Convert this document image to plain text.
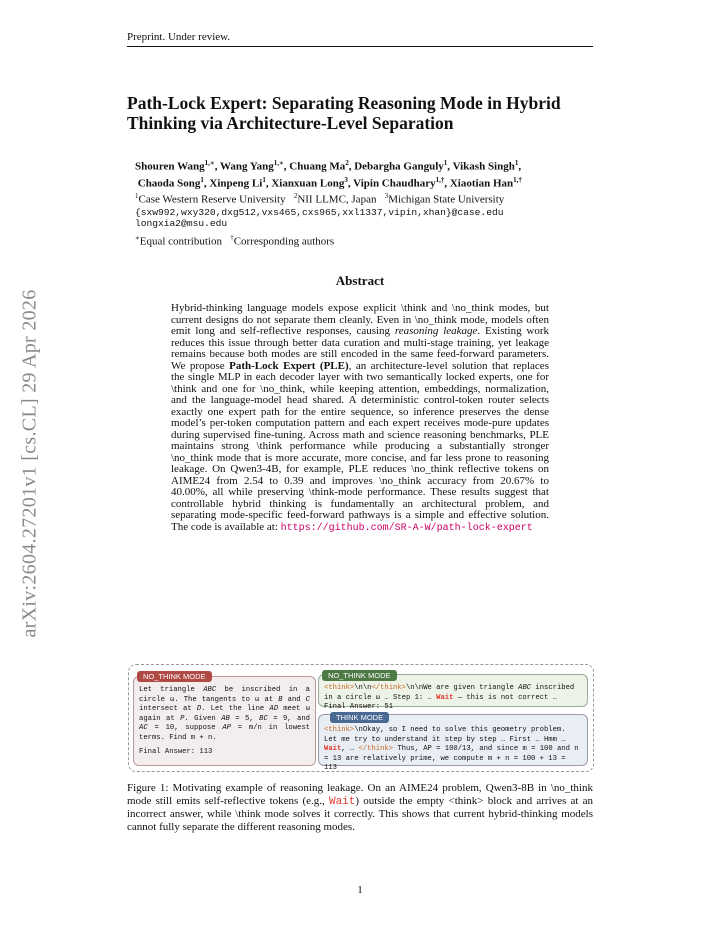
Preprint. Under review.
arXiv:2604.27201v1 [cs.CL] 29 Apr 2026
Path-Lock Expert: Separating Reasoning Mode in Hybrid
Thinking via Architecture-Level Separation
Shouren Wang$^{1,∗}$, Wang Yang$^{1,∗}$, Chuang Ma$^2$, Debargha Ganguly$^1$, Vikash Singh$^1$,
Chaoda Song$^1$, Xinpeng Li$^1$, Xianxuan Long$^3$, Vipin Chaudhary$^{1,\dagger}$, Xiaotian Han$^{1,\dagger}$
$^1$Case Western Reserve University $^2$NII LLMC, Japan $^3$Michigan State University
{sxw992,wxy320,dxg512,vxs465,cxs965,xxl1337,vipin,xhan}@case.edu
longxia2@msu.edu
∗Equal contribution †Corresponding authors
Abstract
Hybrid-thinking language models expose explicit \think and \no_think modes, but current designs do not separate them cleanly. Even in \no_think mode, models often emit long and self-reflective responses, causing reasoning leakage. Existing work reduces this issue through better data curation and multi-stage training, yet leakage remains because both modes are still encoded in the same feed-forward parameters. We propose Path-Lock Expert (PLE), an architecture-level solution that replaces the single MLP in each decoder layer with two semantically locked experts, one for \think and one for \no_think, while keeping attention, embeddings, normalization, and the language-model head shared. A deterministic control-token router selects exactly one expert path for the entire sequence, so inference preserves the dense model’s per-token computation pattern and each expert receives mode-pure updates during supervised fine-tuning. Across math and science reasoning benchmarks, PLE maintains strong \think performance while producing a substantially stronger \no_think mode that is more accurate, more concise, and far less prone to reasoning leakage. On Qwen3-4B, for example, PLE reduces \no_think reflective tokens on AIME24 from 2.54 to 0.39 and improves \no_think accuracy from 20.67% to 40.00%, all while preserving \think-mode performance. These results suggest that controllable hybrid thinking is fundamentally an architectural problem, and separating mode-specific feed-forward pathways is a simple and effective solution. The code is available at: https://github.com/SR-A-W/path-lock-expert
Let triangle ABC be inscribed in a circle ω. The tangents to ω at B and C intersect at D. Let the line AD meet ω again at P. Given AB = 5, BC = 9, and AC = 10, suppose AP = m/n in lowest terms. Find m + n.
Final Answer: 113
NO_THINK MODE
<think>\n\n</think>\n\nWe are given triangle ABC inscribed in a circle ω … Step 1: … Wait — this is not correct … Final Answer: 51
NO_THINK MODE
<think>\nOkay, so I need to solve this geometry problem. Let me try to understand it step by step … First … Hmm … Wait, … </think> Thus, AP = 100/13, and since m = 100 and n = 13 are relatively prime, we compute m + n = 100 + 13 = 113
THINK MODE
Figure 1: Motivating example of reasoning leakage. On an AIME24 problem, Qwen3-8B in \no_think mode still emits self-reflective tokens (e.g., Wait) outside the empty <think> block and arrives at an incorrect answer, while \think mode solves it correctly. This shows that current hybrid-thinking models cannot fully separate the different reasoning modes.
1
